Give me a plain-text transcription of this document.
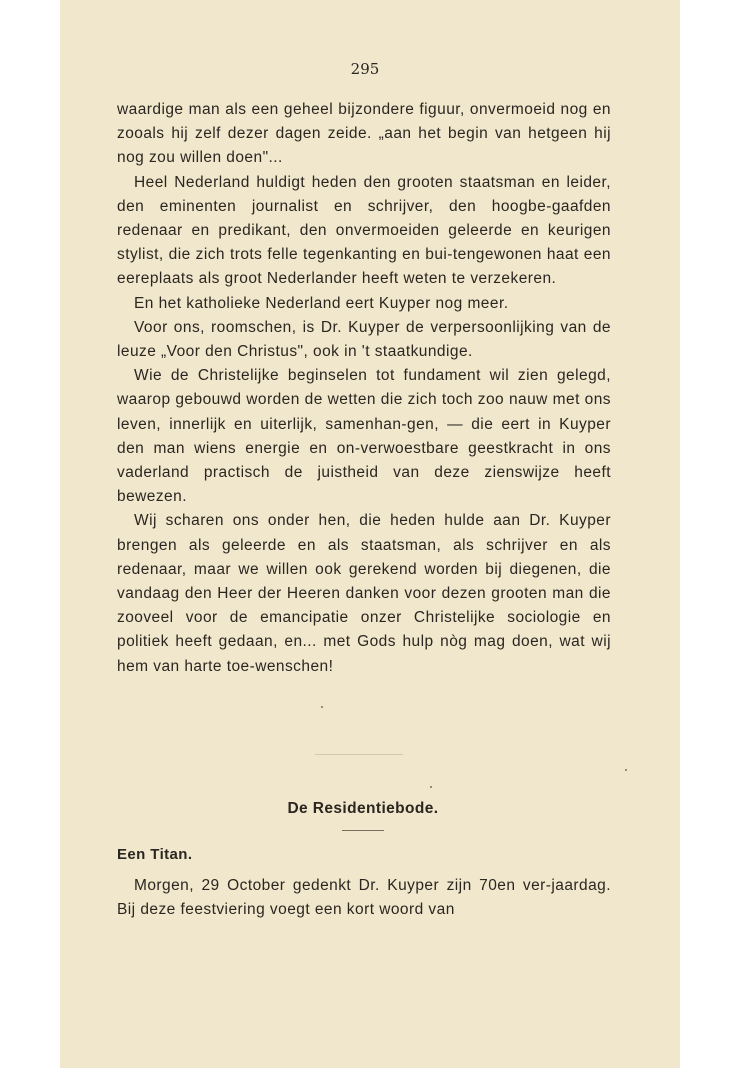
295

waardige man als een geheel bijzondere figuur, onvermoeid nog en zooals hij zelf dezer dagen zeide. „aan het begin van hetgeen hij nog zou willen doen"...

Heel Nederland huldigt heden den grooten staatsman en leider, den eminenten journalist en schrijver, den hoogbe-gaafden redenaar en predikant, den onvermoeiden geleerde en keurigen stylist, die zich trots felle tegenkanting en bui-tengewonen haat een eereplaats als groot Nederlander heeft weten te verzekeren.

En het katholieke Nederland eert Kuyper nog meer.

Voor ons, roomschen, is Dr. Kuyper de verpersoonlijking van de leuze „Voor den Christus", ook in 't staatkundige.

Wie de Christelijke beginselen tot fundament wil zien gelegd, waarop gebouwd worden de wetten die zich toch zoo nauw met ons leven, innerlijk en uiterlijk, samenhan-gen, — die eert in Kuyper den man wiens energie en on-verwoestbare geestkracht in ons vaderland practisch de juistheid van deze zienswijze heeft bewezen.

Wij scharen ons onder hen, die heden hulde aan Dr. Kuyper brengen als geleerde en als staatsman, als schrijver en als redenaar, maar we willen ook gerekend worden bij diegenen, die vandaag den Heer der Heeren danken voor dezen grooten man die zooveel voor de emancipatie onzer Christelijke sociologie en politiek heeft gedaan, en... met Gods hulp nòg mag doen, wat wij hem van harte toe-wenschen!

De Residentiebode.
Een Titan.

Morgen, 29 October gedenkt Dr. Kuyper zijn 70en ver-jaardag. Bij deze feestviering voegt een kort woord van
